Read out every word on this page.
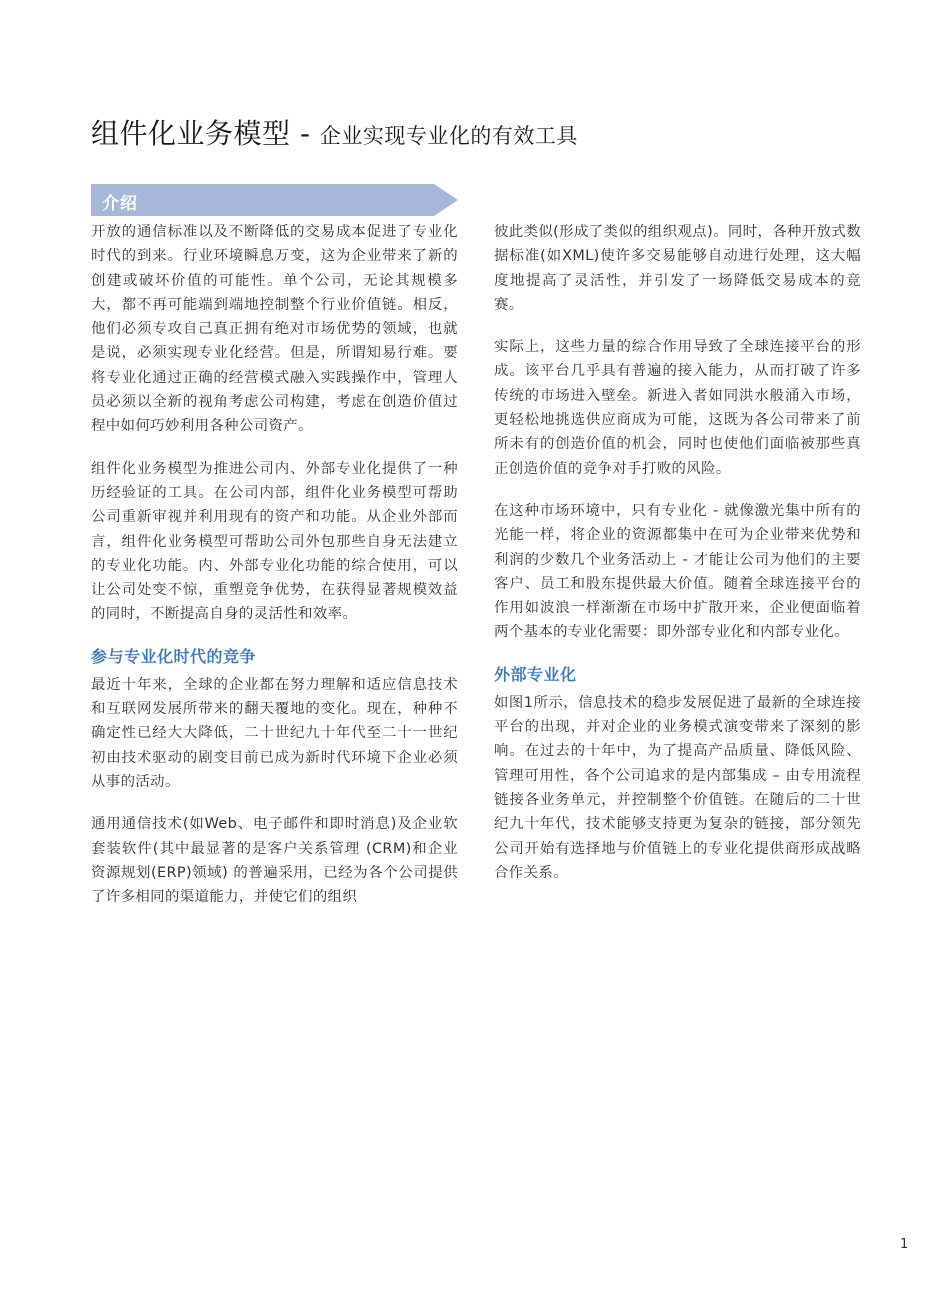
组件化业务模型 - 企业实现专业化的有效工具
介绍

开放的通信标准以及不断降低的交易成本促进了专业化时代的到来。行业环境瞬息万变，这为企业带来了新的创建或破坏价值的可能性。单个公司，无论其规模多大，都不再可能端到端地控制整个行业价值链。相反，他们必须专攻自己真正拥有绝对市场优势的领域，也就是说，必须实现专业化经营。但是，所谓知易行难。要将专业化通过正确的经营模式融入实践操作中，管理人员必须以全新的视角考虑公司构建，考虑在创造价值过程中如何巧妙利用各种公司资产。

组件化业务模型为推进公司内、外部专业化提供了一种历经验证的工具。在公司内部，组件化业务模型可帮助公司重新审视并利用现有的资产和功能。从企业外部而言，组件化业务模型可帮助公司外包那些自身无法建立的专业化功能。内、外部专业化功能的综合使用，可以让公司处变不惊，重塑竞争优势，在获得显著规模效益的同时，不断提高自身的灵活性和效率。

参与专业化时代的竞争

最近十年来，全球的企业都在努力理解和适应信息技术和互联网发展所带来的翻天覆地的变化。现在，种种不确定性已经大大降低，二十世纪九十年代至二十一世纪初由技术驱动的剧变目前已成为新时代环境下企业必须从事的活动。

通用通信技术(如Web、电子邮件和即时消息)及企业软套装软件(其中最显著的是客户关系管理 (CRM)和企业资源规划(ERP)领域) 的普遍采用，已经为各个公司提供了许多相同的渠道能力，并使它们的组织

彼此类似(形成了类似的组织观点)。同时，各种开放式数据标准(如XML)使许多交易能够自动进行处理，这大幅度地提高了灵活性，并引发了一场降低交易成本的竞赛。

实际上，这些力量的综合作用导致了全球连接平台的形成。该平台几乎具有普遍的接入能力，从而打破了许多传统的市场进入壁垒。新进入者如同洪水般涌入市场，更轻松地挑选供应商成为可能，这既为各公司带来了前所未有的创造价值的机会，同时也使他们面临被那些真正创造价值的竞争对手打败的风险。

在这种市场环境中，只有专业化 - 就像激光集中所有的光能一样，将企业的资源都集中在可为企业带来优势和利润的少数几个业务活动上 - 才能让公司为他们的主要客户、员工和股东提供最大价值。随着全球连接平台的作用如波浪一样渐渐在市场中扩散开来，企业便面临着两个基本的专业化需要：即外部专业化和内部专业化。

外部专业化

如图1所示，信息技术的稳步发展促进了最新的全球连接平台的出现，并对企业的业务模式演变带来了深刻的影响。在过去的十年中，为了提高产品质量、降低风险、管理可用性，各个公司追求的是内部集成 – 由专用流程链接各业务单元，并控制整个价值链。在随后的二十世纪九十年代，技术能够支持更为复杂的链接，部分领先公司开始有选择地与价值链上的专业化提供商形成战略合作关系。

1
